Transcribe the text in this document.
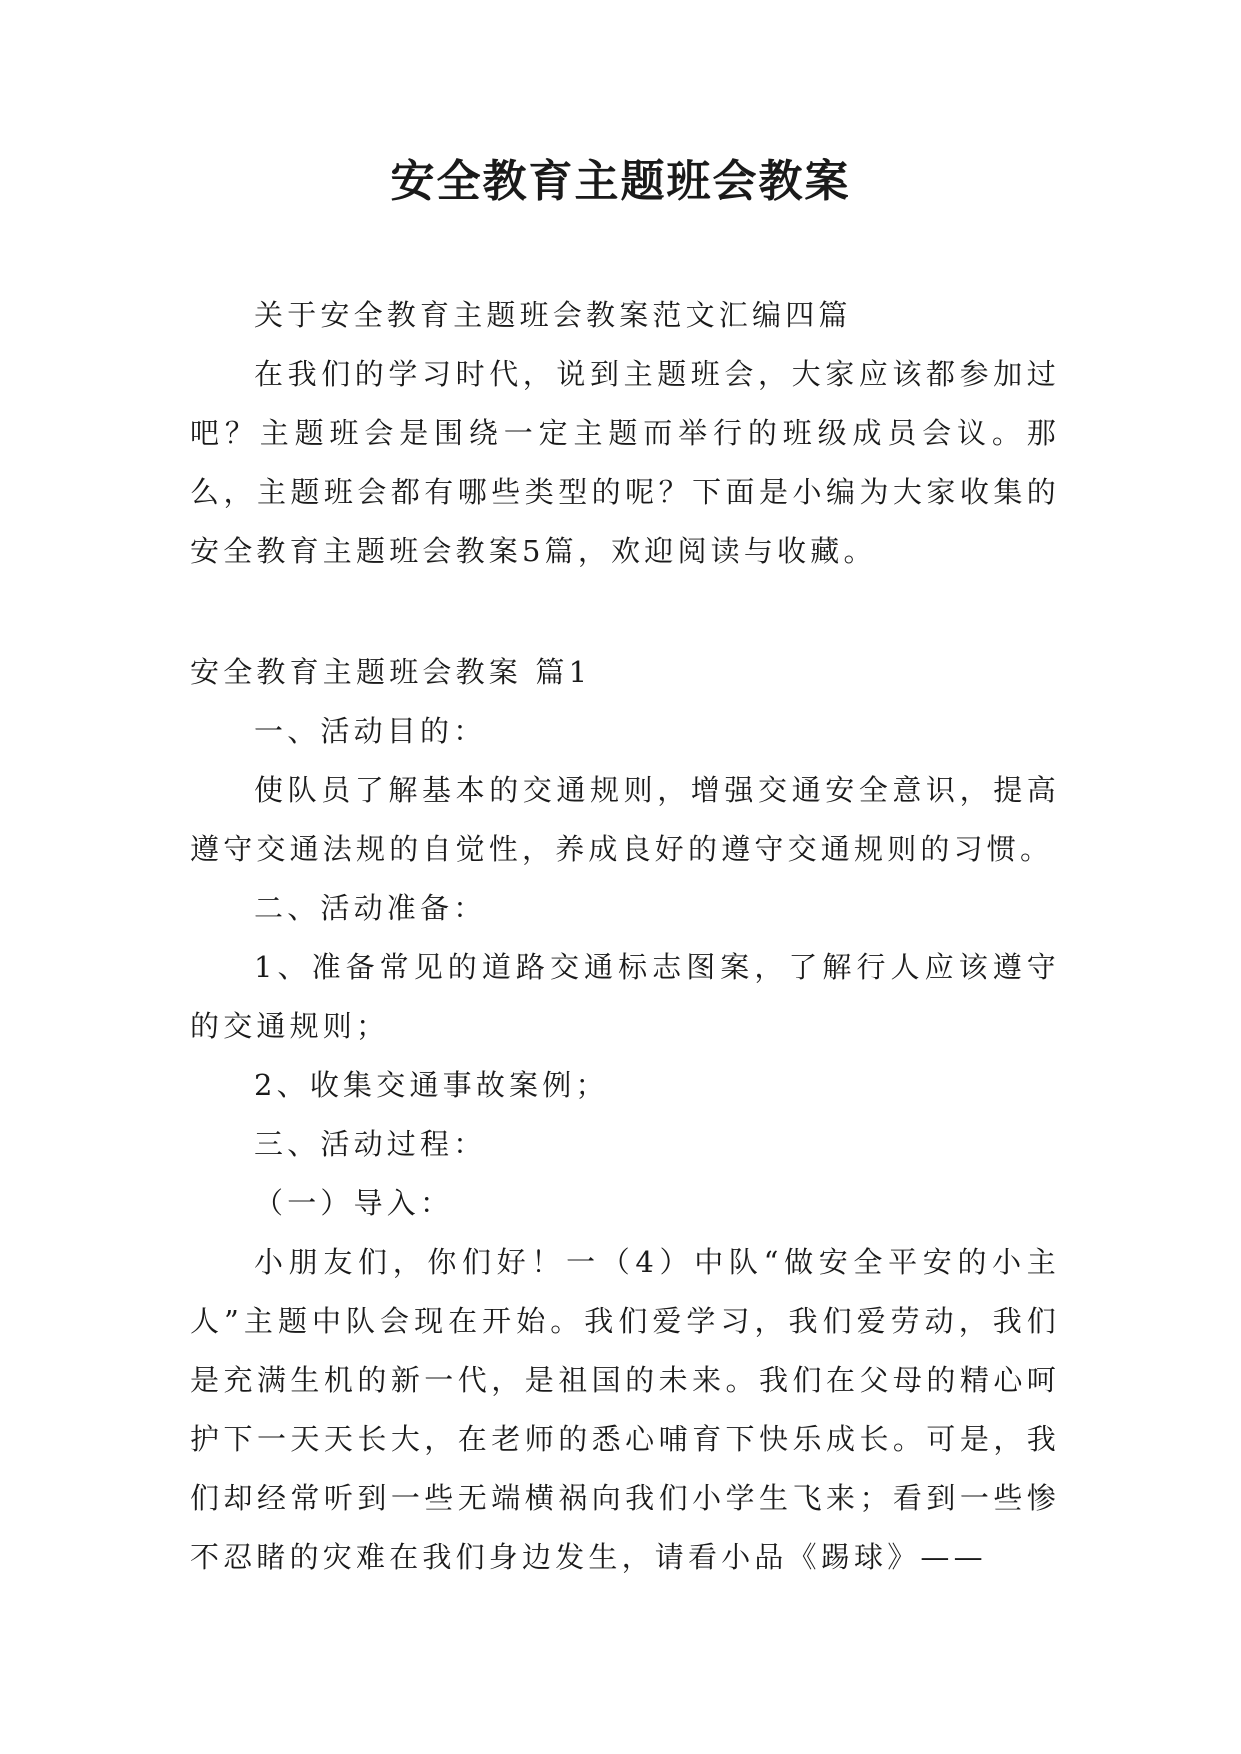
安全教育主题班会教案

关于安全教育主题班会教案范文汇编四篇

在我们的学习时代，说到主题班会，大家应该都参加过吧？主题班会是围绕一定主题而举行的班级成员会议。那么，主题班会都有哪些类型的呢？下面是小编为大家收集的安全教育主题班会教案5篇，欢迎阅读与收藏。

安全教育主题班会教案 篇1

一、活动目的：

使队员了解基本的交通规则，增强交通安全意识，提高遵守交通法规的自觉性，养成良好的遵守交通规则的习惯。

二、活动准备：

1、准备常见的道路交通标志图案，了解行人应该遵守的交通规则；

2、收集交通事故案例；

三、活动过程：

（一）导入：

小朋友们，你们好！一（4）中队“做安全平安的小主人”主题中队会现在开始。我们爱学习，我们爱劳动，我们是充满生机的新一代，是祖国的未来。我们在父母的精心呵护下一天天长大，在老师的悉心哺育下快乐成长。可是，我们却经常听到一些无端横祸向我们小学生飞来；看到一些惨不忍睹的灾难在我们身边发生，请看小品《踢球》——
